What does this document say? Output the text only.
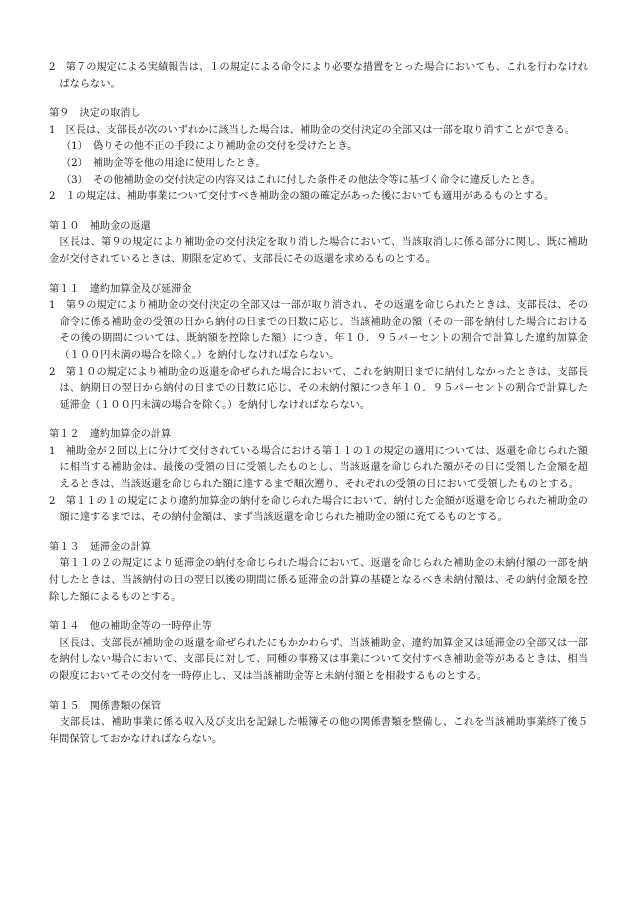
2　第７の規定による実績報告は、１の規定による命令により必要な措置をとった場合においても、これを行わなければならない。

第９　決定の取消し

1　区長は、支部長が次のいずれかに該当した場合は、補助金の交付決定の全部又は一部を取り消すことができる。

（1）　偽りその他不正の手段により補助金の交付を受けたとき。

（2）　補助金等を他の用途に使用したとき。

（3）　その他補助金の交付決定の内容又はこれに付した条件その他法令等に基づく命令に違反したとき。

2　１の規定は、補助事業について交付すべき補助金の額の確定があった後においても適用があるものとする。

第１０　補助金の返還

区長は、第９の規定により補助金の交付決定を取り消した場合において、当該取消しに係る部分に関し、既に補助金が交付されているときは、期限を定めて、支部長にその返還を求めるものとする。

第１１　違約加算金及び延滞金

1　第９の規定により補助金の交付決定の全部又は一部が取り消され、その返還を命じられたときは、支部長は、その命令に係る補助金の受領の日から納付の日までの日数に応じ、当該補助金の額（その一部を納付した場合におけるその後の期間については、既納額を控除した額）につき、年１０．９５パーセントの割合で計算した違約加算金（１００円未満の場合を除く。）を納付しなければならない。

2　第１０の規定により補助金の返還を命ぜられた場合において、これを納期日までに納付しなかったときは、支部長は、納期日の翌日から納付の日までの日数に応じ、その未納付額につき年１０．９５パーセントの割合で計算した延滞金（１００円未満の場合を除く。）を納付しなければならない。

第１２　違約加算金の計算

1　補助金が２回以上に分けて交付されている場合における第１１の１の規定の適用については、返還を命じられた額に相当する補助金は、最後の受領の日に受領したものとし、当該返還を命じられた額がその日に受領した金額を超えるときは、当該返還を命じられた額に達するまで順次遡り、それぞれの受領の日において受領したものとする。

2　第１１の１の規定により違約加算金の納付を命じられた場合において、納付した金額が返還を命じられた補助金の額に達するまでは、その納付金額は、まず当該返還を命じられた補助金の額に充てるものとする。

第１３　延滞金の計算

第１１の２の規定により延滞金の納付を命じられた場合において、返還を命じられた補助金の未納付額の一部を納付したときは、当該納付の日の翌日以後の期間に係る延滞金の計算の基礎となるべき未納付額は、その納付金額を控除した額によるものとする。

第１４　他の補助金等の一時停止等

区長は、支部長が補助金の返還を命ぜられたにもかかわらず、当該補助金、違約加算金又は延滞金の全部又は一部を納付しない場合において、支部長に対して、同種の事務又は事業について交付すべき補助金等があるときは、相当の限度においてその交付を一時停止し、又は当該補助金等と未納付額とを相殺するものとする。

第１５　関係書類の保管

支部長は、補助事業に係る収入及び支出を記録した帳簿その他の関係書類を整備し、これを当該補助事業終了後５年間保管しておかなければならない。
